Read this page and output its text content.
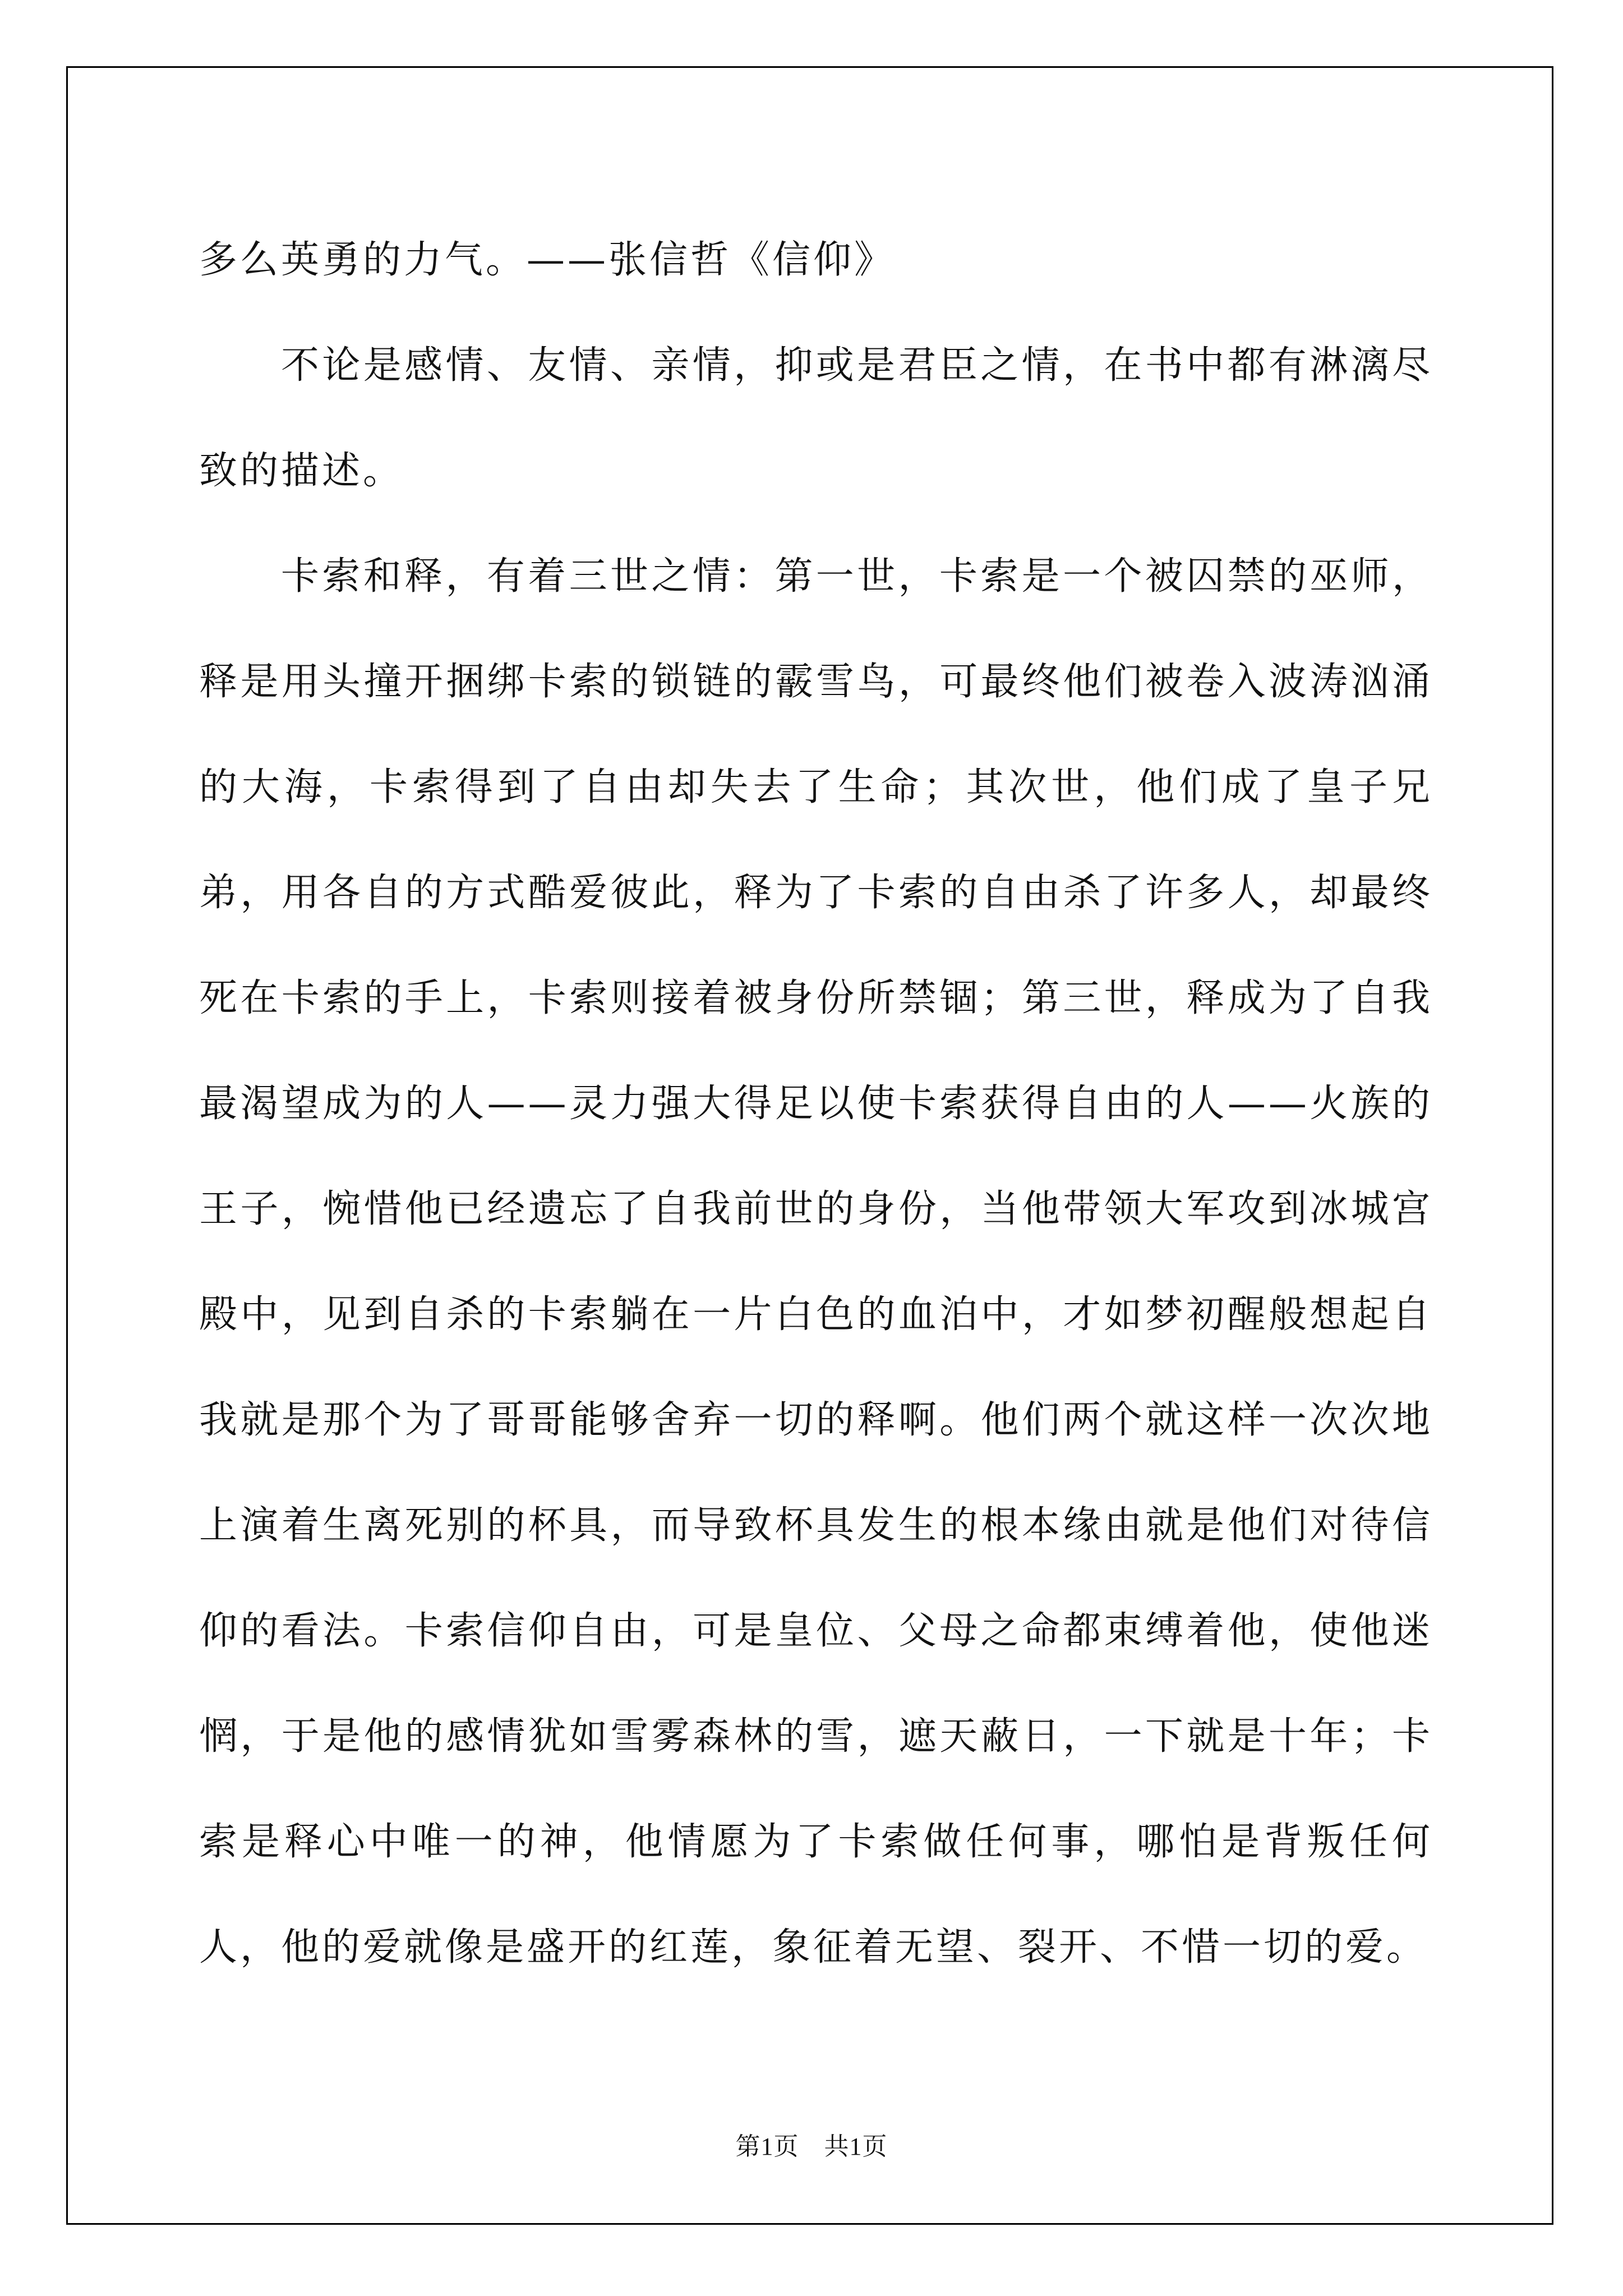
多么英勇的力气。——张信哲《信仰》

不论是感情、友情、亲情，抑或是君臣之情，在书中都有淋漓尽致的描述。

卡索和释，有着三世之情：第一世，卡索是一个被囚禁的巫师，释是用头撞开捆绑卡索的锁链的霰雪鸟，可最终他们被卷入波涛汹涌的大海，卡索得到了自由却失去了生命；其次世，他们成了皇子兄弟，用各自的方式酷爱彼此，释为了卡索的自由杀了许多人，却最终死在卡索的手上，卡索则接着被身份所禁锢；第三世，释成为了自我最渴望成为的人——灵力强大得足以使卡索获得自由的人——火族的王子，惋惜他已经遗忘了自我前世的身份，当他带领大军攻到冰城宫殿中，见到自杀的卡索躺在一片白色的血泊中，才如梦初醒般想起自我就是那个为了哥哥能够舍弃一切的释啊。他们两个就这样一次次地上演着生离死别的杯具，而导致杯具发生的根本缘由就是他们对待信仰的看法。卡索信仰自由，可是皇位、父母之命都束缚着他，使他迷惘，于是他的感情犹如雪雾森林的雪，遮天蔽日，一下就是十年；卡索是释心中唯一的神，他情愿为了卡索做任何事，哪怕是背叛任何人，他的爱就像是盛开的红莲，象征着无望、裂开、不惜一切的爱。

第1页　共1页
